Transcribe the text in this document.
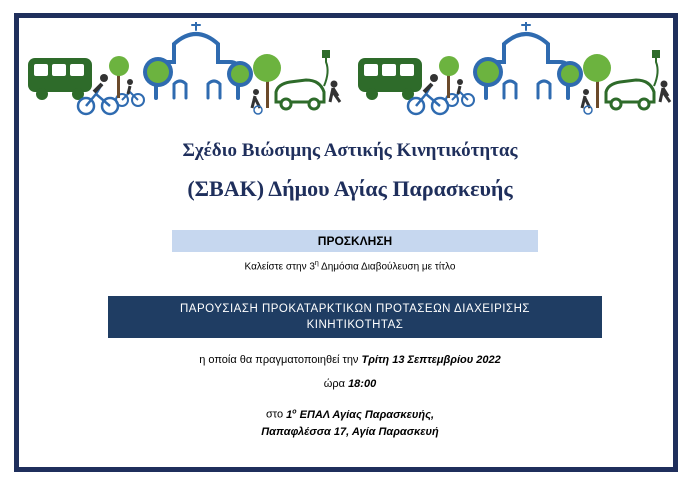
Σχέδιο Βιώσιμης Αστικής Κινητικότητας
(ΣΒΑΚ) Δήμου Αγίας Παρασκευής
ΠΡΟΣΚΛΗΣΗ
Καλείστε στην $3^\eta$ Δημόσια Διαβούλευση με τίτλο
ΠΑΡΟΥΣΙΑΣΗ ΠΡΟΚΑΤΑΡΚΤΙΚΩΝ ΠΡΟΤΑΣΕΩΝ ΔΙΑΧΕΙΡΙΣΗΣ
ΚΙΝΗΤΙΚΟΤΗΤΑΣ
η οποία θα πραγματοποιηθεί την Τρίτη 13 Σεπτεμβρίου 2022
ώρα 18:00
στο $1^o$ ΕΠΑΛ Αγίας Παρασκευής,
Παπαφλέσσα 17, Αγία Παρασκευή
